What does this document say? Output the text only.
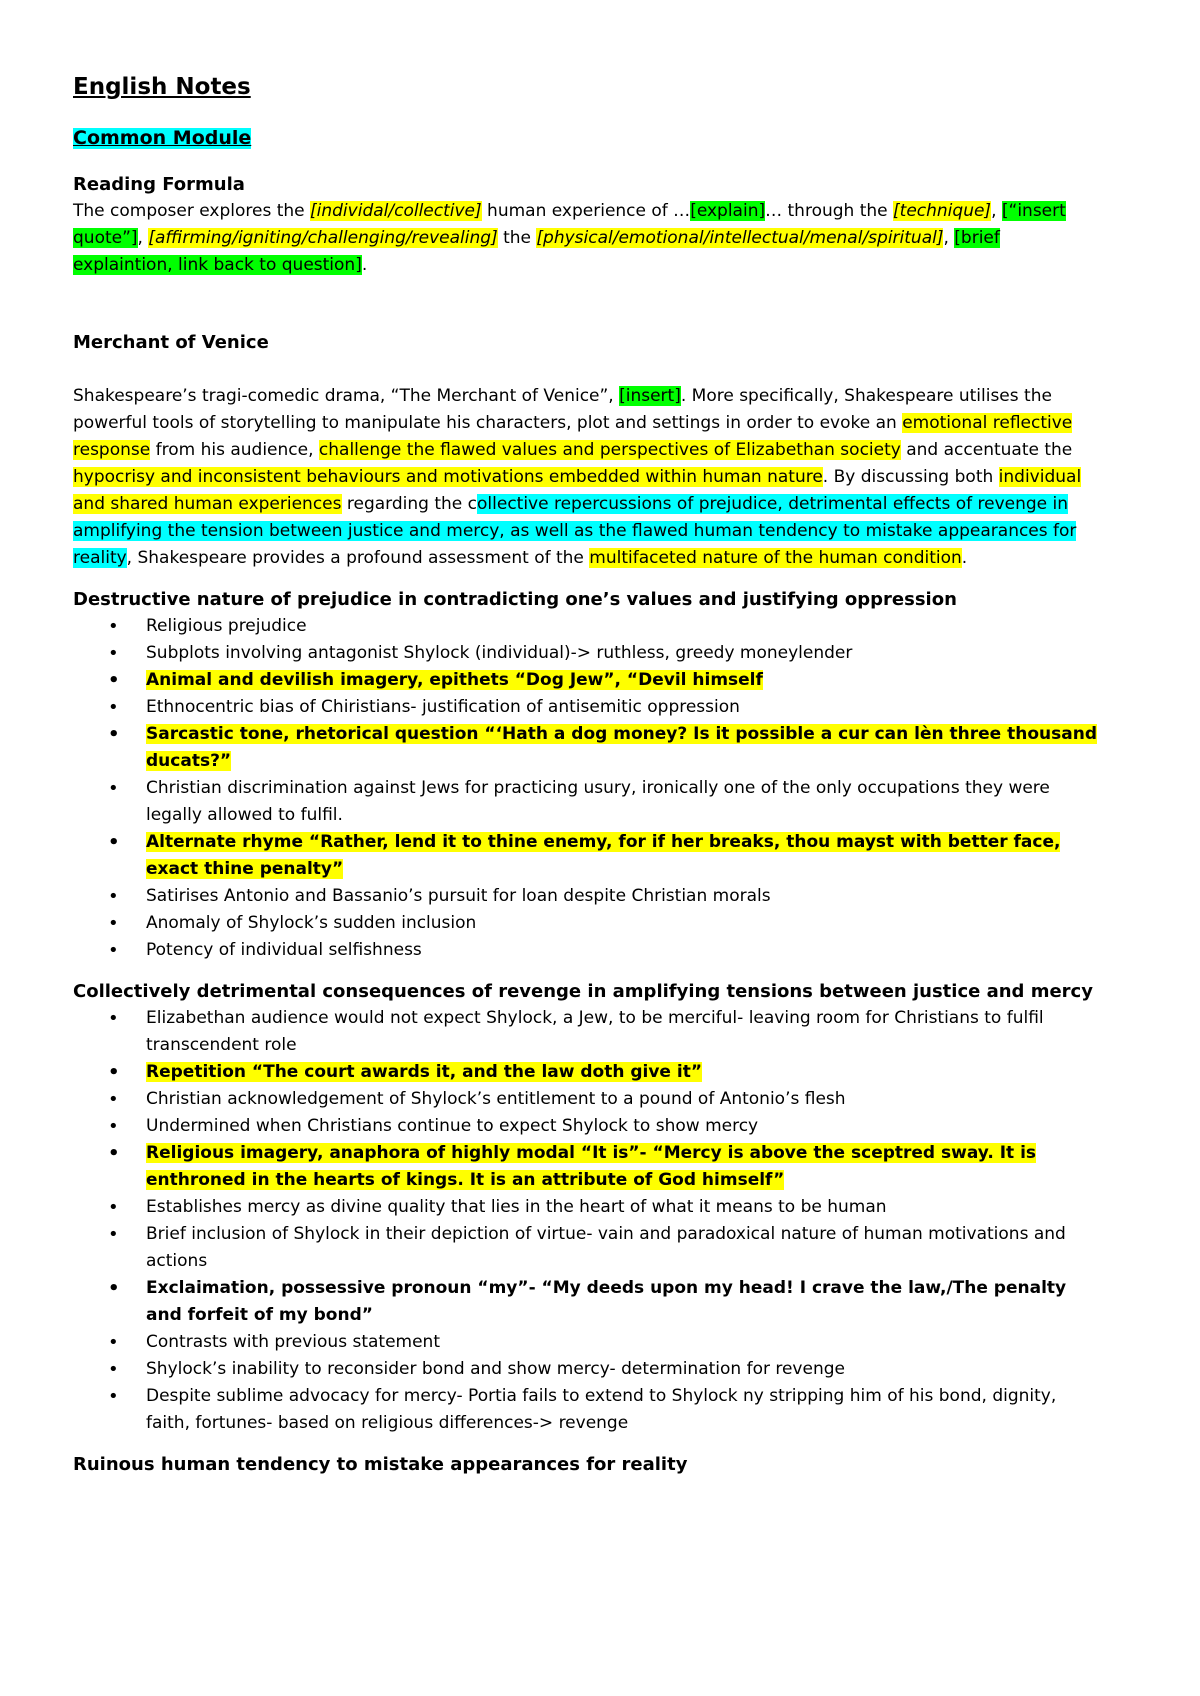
English Notes
Common Module
Reading Formula

The composer explores the [individal/collective] human experience of …[explain]… through the [technique], [“insert quote”], [affirming/igniting/challenging/revealing] the [physical/emotional/intellectual/menal/spiritual], [brief explaintion, link back to question].

Merchant of Venice

Shakespeare’s tragi-comedic drama, “The Merchant of Venice”, [insert]. More specifically, Shakespeare utilises the powerful tools of storytelling to manipulate his characters, plot and settings in order to evoke an emotional reflective response from his audience, challenge the flawed values and perspectives of Elizabethan society and accentuate the hypocrisy and inconsistent behaviours and motivations embedded within human nature. By discussing both individual and shared human experiences regarding the collective repercussions of prejudice, detrimental effects of revenge in amplifying the tension between justice and mercy, as well as the flawed human tendency to mistake appearances for reality, Shakespeare provides a profound assessment of the multifaceted nature of the human condition.

Destructive nature of prejudice in contradicting one’s values and justifying oppression
• Religious prejudice
• Subplots involving antagonist Shylock (individual)-> ruthless, greedy moneylender
• Animal and devilish imagery, epithets “Dog Jew”, “Devil himself
• Ethnocentric bias of Chiristians- justification of antisemitic oppression
• Sarcastic tone, rhetorical question “‘Hath a dog money? Is it possible a cur can lèn three thousand ducats?”
• Christian discrimination against Jews for practicing usury, ironically one of the only occupations they were legally allowed to fulfil.
• Alternate rhyme “Rather, lend it to thine enemy, for if her breaks, thou mayst with better face, exact thine penalty”
• Satirises Antonio and Bassanio’s pursuit for loan despite Christian morals
• Anomaly of Shylock’s sudden inclusion
• Potency of individual selfishness
Collectively detrimental consequences of revenge in amplifying tensions between justice and mercy
• Elizabethan audience would not expect Shylock, a Jew, to be merciful- leaving room for Christians to fulfil transcendent role
• Repetition “The court awards it, and the law doth give it”
• Christian acknowledgement of Shylock’s entitlement to a pound of Antonio’s flesh
• Undermined when Christians continue to expect Shylock to show mercy
• Religious imagery, anaphora of highly modal “It is”- “Mercy is above the sceptred sway. It is enthroned in the hearts of kings. It is an attribute of God himself”
• Establishes mercy as divine quality that lies in the heart of what it means to be human
• Brief inclusion of Shylock in their depiction of virtue- vain and paradoxical nature of human motivations and actions
• Exclaimation, possessive pronoun “my”- “My deeds upon my head! I crave the law,/The penalty and forfeit of my bond”
• Contrasts with previous statement
• Shylock’s inability to reconsider bond and show mercy- determination for revenge
• Despite sublime advocacy for mercy- Portia fails to extend to Shylock ny stripping him of his bond, dignity, faith, fortunes- based on religious differences-> revenge
Ruinous human tendency to mistake appearances for reality
